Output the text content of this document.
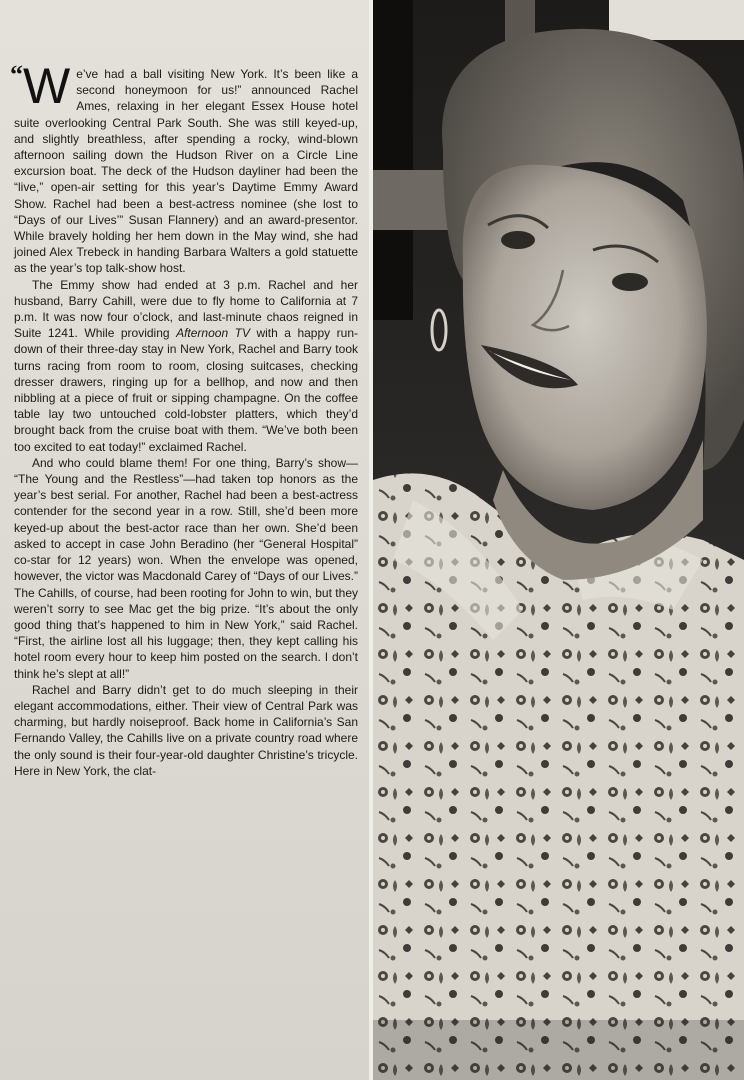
“ W e’ve had a ball visiting New York. It’s been like a second honeymoon for us!” announced Rachel Ames, relaxing in her elegant Essex House hotel suite overlooking Central Park South. She was still keyed-up, and slightly breathless, after spending a rocky, wind-blown afternoon sailing down the Hudson River on a Circle Line excursion boat. The deck of the Hudson dayliner had been the “live,” open-air setting for this year’s Daytime Emmy Award Show. Rachel had been a best-actress nominee (she lost to “Days of our Lives’” Susan Flannery) and an award-presentor. While bravely holding her hem down in the May wind, she had joined Alex Trebeck in handing Barbara Walters a gold statuette as the year’s top talk-show host.

The Emmy show had ended at 3 p.m. Rachel and her husband, Barry Cahill, were due to fly home to California at 7 p.m. It was now four o’clock, and last-minute chaos reigned in Suite 1241. While providing Afternoon TV with a happy run-down of their three-day stay in New York, Rachel and Barry took turns racing from room to room, closing suitcases, checking dresser drawers, ringing up for a bellhop, and now and then nibbling at a piece of fruit or sipping champagne. On the coffee table lay two untouched cold-lobster platters, which they’d brought back from the cruise boat with them. “We’ve both been too excited to eat today!” exclaimed Rachel.

And who could blame them! For one thing, Barry’s show— “The Young and the Restless”—had taken top honors as the year’s best serial. For another, Rachel had been a best-actress contender for the second year in a row. Still, she’d been more keyed-up about the best-actor race than her own. She’d been asked to accept in case John Beradino (her “General Hospital” co-star for 12 years) won. When the envelope was opened, however, the victor was Macdonald Carey of “Days of our Lives.” The Cahills, of course, had been rooting for John to win, but they weren’t sorry to see Mac get the big prize. “It’s about the only good thing that’s happened to him in New York,” said Rachel. “First, the airline lost all his luggage; then, they kept calling his hotel room every hour to keep him posted on the search. I don’t think he’s slept at all!”

Rachel and Barry didn’t get to do much sleeping in their elegant accommodations, either. Their view of Central Park was charming, but hardly noiseproof. Back home in California’s San Fernando Valley, the Cahills live on a private country road where the only sound is their four-year-old daughter Christine’s tricycle. Here in New York, the clat-
